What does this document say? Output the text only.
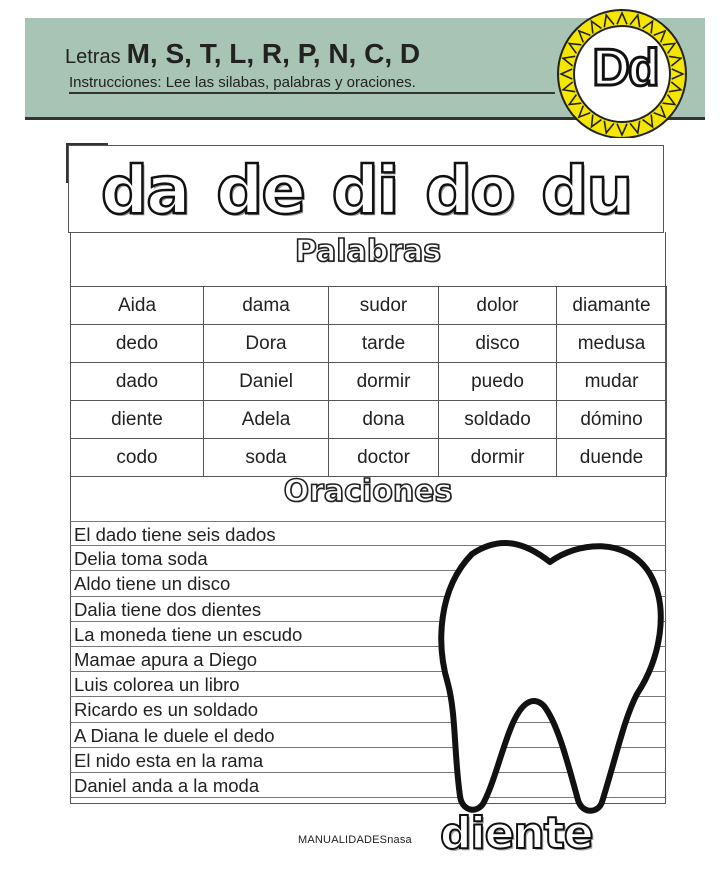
Letras M, S, T, L, R, P, N, C, D
Instrucciones: Lee las silabas, palabras y oraciones.	Dd
da de di do du
Palabras
Aida	dama	sudor	dolor	diamante
dedo	Dora	tarde	disco	medusa
dado	Daniel	dormir	puedo	mudar
diente	Adela	dona	soldado	dómino
codo	soda	doctor	dormir	duende
Oraciones
El dado tiene seis dados
Delia toma soda
Aldo tiene un disco
Dalia tiene dos dientes
La moneda tiene un escudo
Mamae apura a Diego
Luis colorea un libro
Ricardo es un soldado
A Diana le duele el dedo
El nido esta en la rama
Daniel anda a la moda
MANUALIDADESnasa diente
